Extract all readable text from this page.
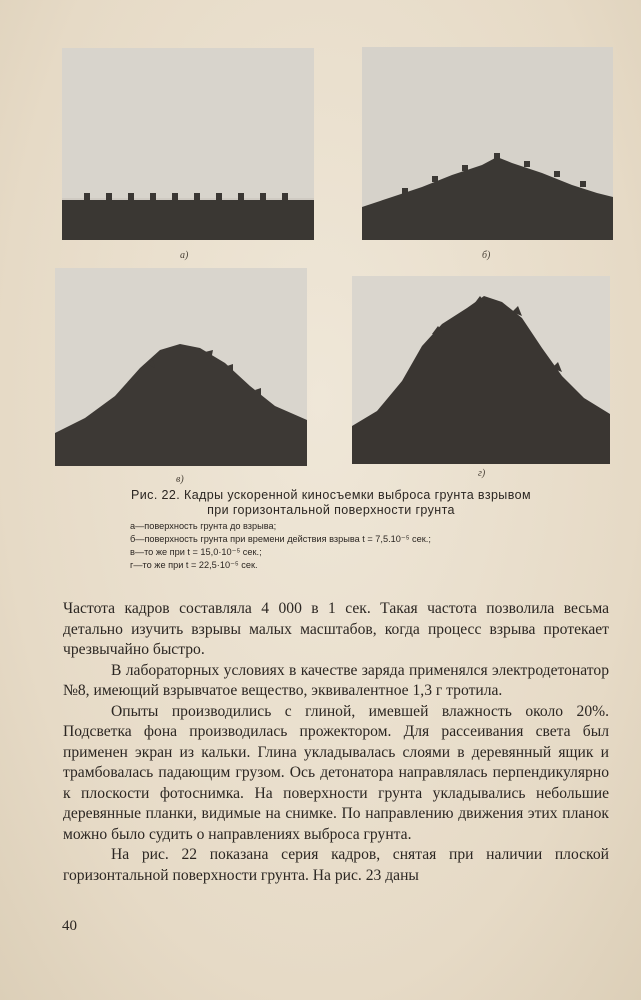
а)	б)
в)
г)
Рис. 22. Кадры ускоренной киносъемки выброса грунта взрывом
при горизонтальной поверхности грунта
а—поверхность грунта до взрыва;
б—поверхность грунта при времени действия взрыва t = 7,5.10⁻⁵ сек.;
в—то же при t = 15,0·10⁻⁵ сек.;
г—то же при t = 22,5·10⁻⁵ сек.

Частота кадров составляла 4 000 в 1 сек. Такая частота позволила весьма детально изучить взрывы малых масштабов, когда процесс взрыва протекает чрезвычайно быстро.

В лабораторных условиях в качестве заряда применялся электродетонатор №8, имеющий взрывчатое вещество, эквивалентное 1,3 г тротила.

Опыты производились с глиной, имевшей влажность около 20%. Подсветка фона производилась прожектором. Для рассеивания света был применен экран из кальки. Глина укладывалась слоями в деревянный ящик и трамбовалась падающим грузом. Ось детонатора направлялась перпендикулярно к плоскости фотоснимка. На поверхности грунта укладывались небольшие деревянные планки, видимые на снимке. По направлению движения этих планок можно было судить о направлениях выброса грунта.

На рис. 22 показана серия кадров, снятая при наличии плоской горизонтальной поверхности грунта. На рис. 23 даны

40
